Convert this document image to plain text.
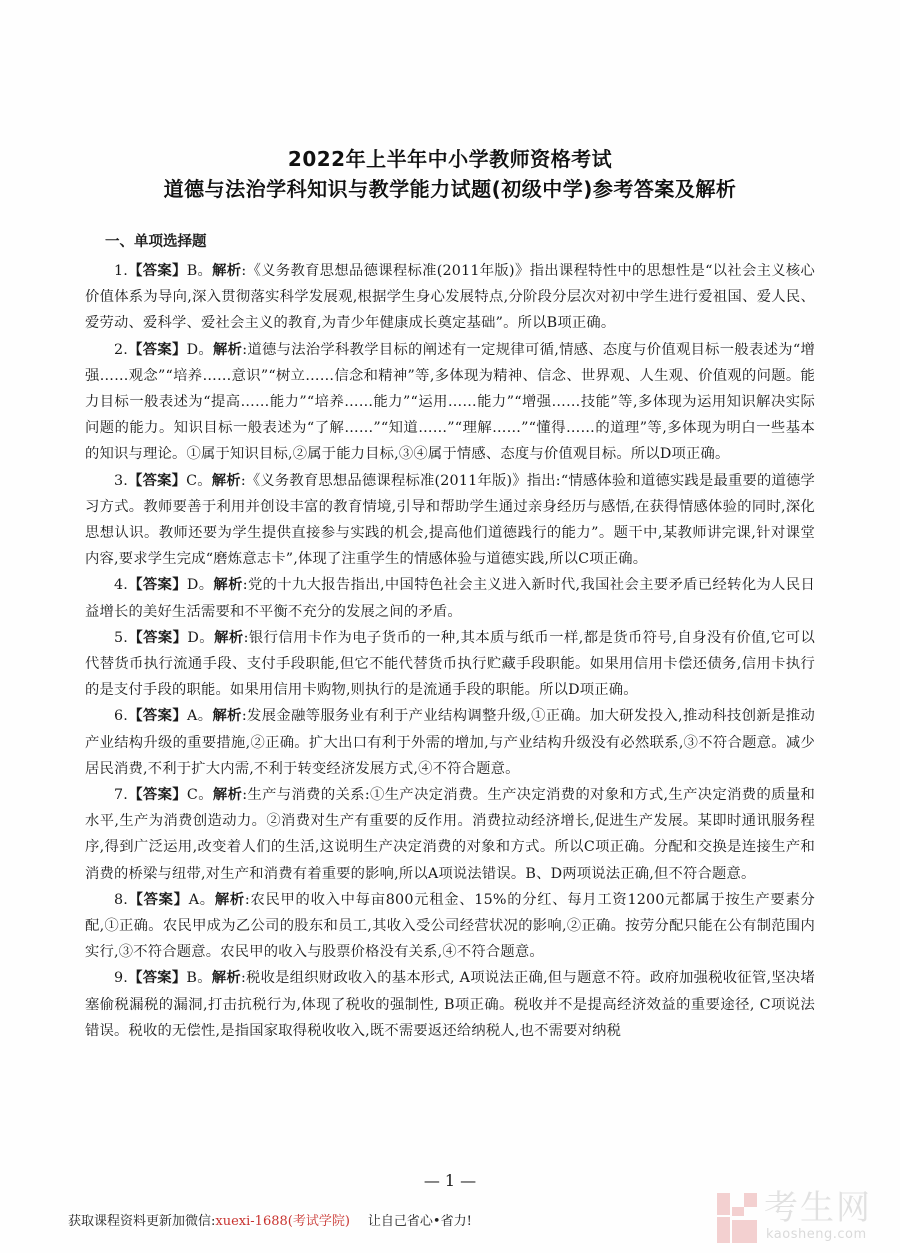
2022年上半年中小学教师资格考试
道德与法治学科知识与教学能力试题(初级中学)参考答案及解析
一、单项选择题

1.【答案】B。解析:《义务教育思想品德课程标准(2011年版)》指出课程特性中的思想性是“以社会主义核心价值体系为导向,深入贯彻落实科学发展观,根据学生身心发展特点,分阶段分层次对初中学生进行爱祖国、爱人民、爱劳动、爱科学、爱社会主义的教育,为青少年健康成长奠定基础”。所以B项正确。

2.【答案】D。解析:道德与法治学科教学目标的阐述有一定规律可循,情感、态度与价值观目标一般表述为“增强……观念”“培养……意识”“树立……信念和精神”等,多体现为精神、信念、世界观、人生观、价值观的问题。能力目标一般表述为“提高……能力”“培养……能力”“运用……能力”“增强……技能”等,多体现为运用知识解决实际问题的能力。知识目标一般表述为“了解……”“知道……”“理解……”“懂得……的道理”等,多体现为明白一些基本的知识与理论。①属于知识目标,②属于能力目标,③④属于情感、态度与价值观目标。所以D项正确。

3.【答案】C。解析:《义务教育思想品德课程标准(2011年版)》指出:“情感体验和道德实践是最重要的道德学习方式。教师要善于利用并创设丰富的教育情境,引导和帮助学生通过亲身经历与感悟,在获得情感体验的同时,深化思想认识。教师还要为学生提供直接参与实践的机会,提高他们道德践行的能力”。题干中,某教师讲完课,针对课堂内容,要求学生完成“磨炼意志卡”,体现了注重学生的情感体验与道德实践,所以C项正确。

4.【答案】D。解析:党的十九大报告指出,中国特色社会主义进入新时代,我国社会主要矛盾已经转化为人民日益增长的美好生活需要和不平衡不充分的发展之间的矛盾。

5.【答案】D。解析:银行信用卡作为电子货币的一种,其本质与纸币一样,都是货币符号,自身没有价值,它可以代替货币执行流通手段、支付手段职能,但它不能代替货币执行贮藏手段职能。如果用信用卡偿还债务,信用卡执行的是支付手段的职能。如果用信用卡购物,则执行的是流通手段的职能。所以D项正确。

6.【答案】A。解析:发展金融等服务业有利于产业结构调整升级,①正确。加大研发投入,推动科技创新是推动产业结构升级的重要措施,②正确。扩大出口有利于外需的增加,与产业结构升级没有必然联系,③不符合题意。减少居民消费,不利于扩大内需,不利于转变经济发展方式,④不符合题意。

7.【答案】C。解析:生产与消费的关系:①生产决定消费。生产决定消费的对象和方式,生产决定消费的质量和水平,生产为消费创造动力。②消费对生产有重要的反作用。消费拉动经济增长,促进生产发展。某即时通讯服务程序,得到广泛运用,改变着人们的生活,这说明生产决定消费的对象和方式。所以C项正确。分配和交换是连接生产和消费的桥梁与纽带,对生产和消费有着重要的影响,所以A项说法错误。B、D两项说法正确,但不符合题意。

8.【答案】A。解析:农民甲的收入中每亩800元租金、15%的分红、每月工资1200元都属于按生产要素分配,①正确。农民甲成为乙公司的股东和员工,其收入受公司经营状况的影响,②正确。按劳分配只能在公有制范围内实行,③不符合题意。农民甲的收入与股票价格没有关系,④不符合题意。

9.【答案】B。解析:税收是组织财政收入的基本形式, A项说法正确,但与题意不符。政府加强税收征管,坚决堵塞偷税漏税的漏洞,打击抗税行为,体现了税收的强制性, B项正确。税收并不是提高经济效益的重要途径, C项说法错误。税收的无偿性,是指国家取得税收收入,既不需要返还给纳税人,也不需要对纳税

— 1 —
获取课程资料更新加微信:xuexi-1688(考试学院) 让自己省心•省力!	考生网
kaosheng.com
